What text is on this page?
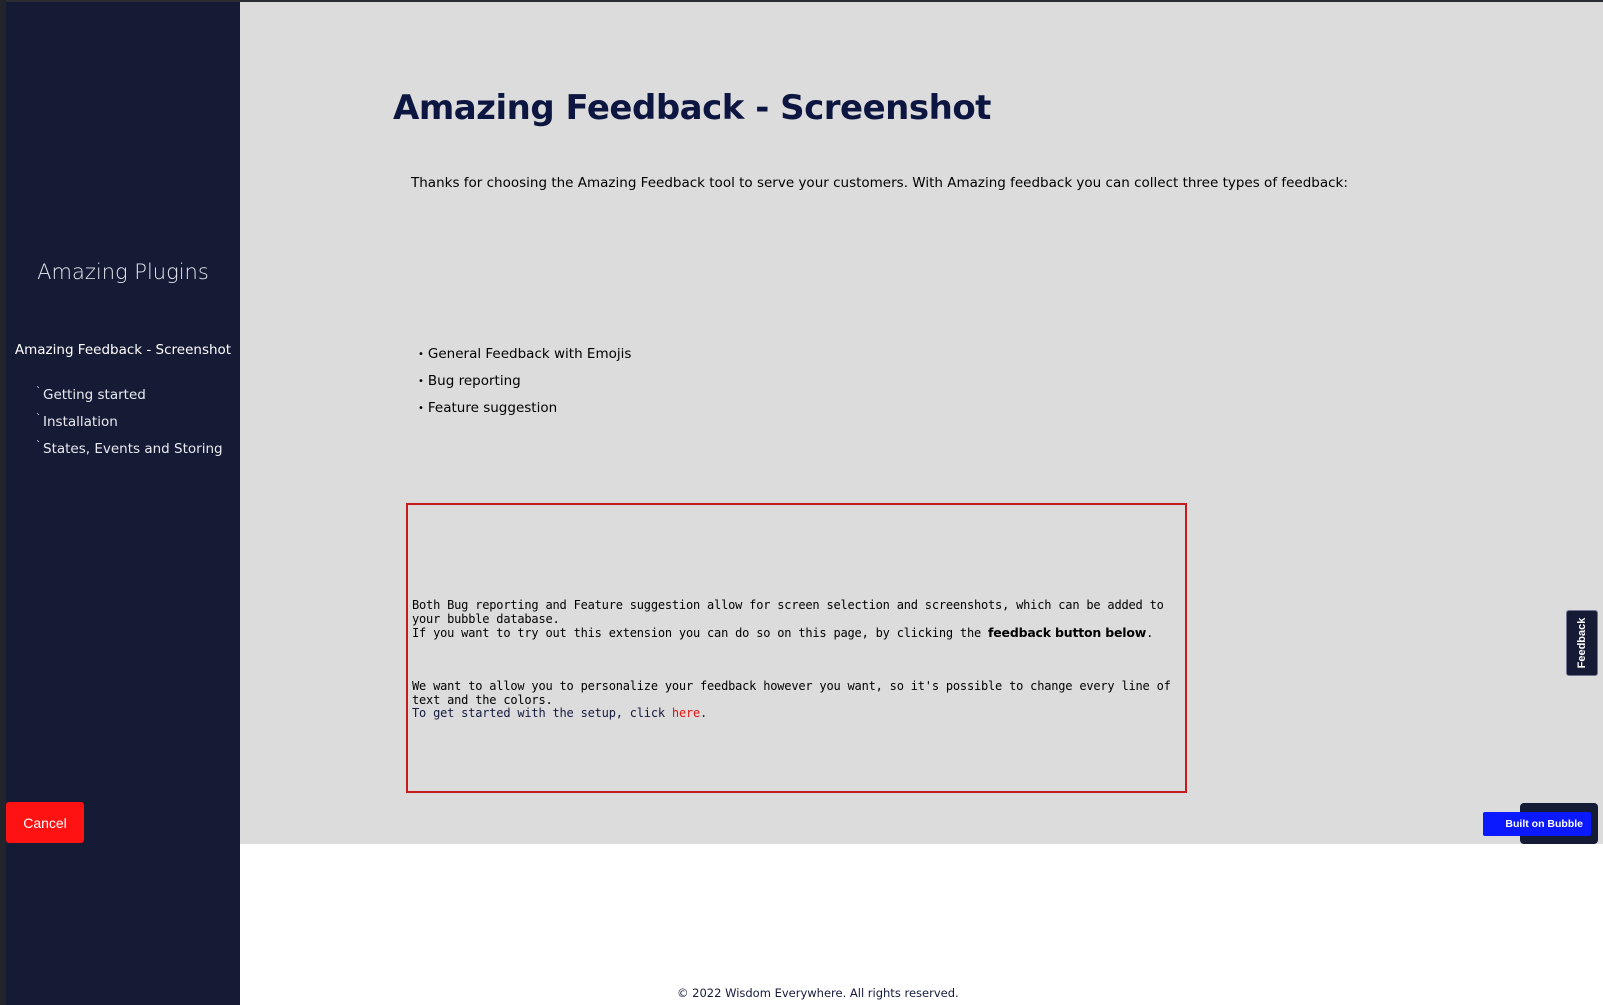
Amazing Plugins
Amazing Feedback - Screenshot
$^ˋ$ Getting started
$^ˋ$ Installation
$^ˋ$ States, Events and Storing
Cancel
Amazing Feedback - Screenshot
Thanks for choosing the Amazing Feedback tool to serve your customers. With Amazing feedback you can collect three types of feedback:
• General Feedback with Emojis
• Bug reporting
• Feature suggestion
Both Bug reporting and Feature suggestion allow for screen selection and screenshots, which can be added to your bubble database.
If you want to try out this extension you can do so on this page, by clicking the feedback button below.
We want to allow you to personalize your feedback however you want, so it's possible to change every line of text and the colors.
To get started with the setup, click here.
Feedback
Built on Bubble
© 2022 Wisdom Everywhere. All rights reserved.
